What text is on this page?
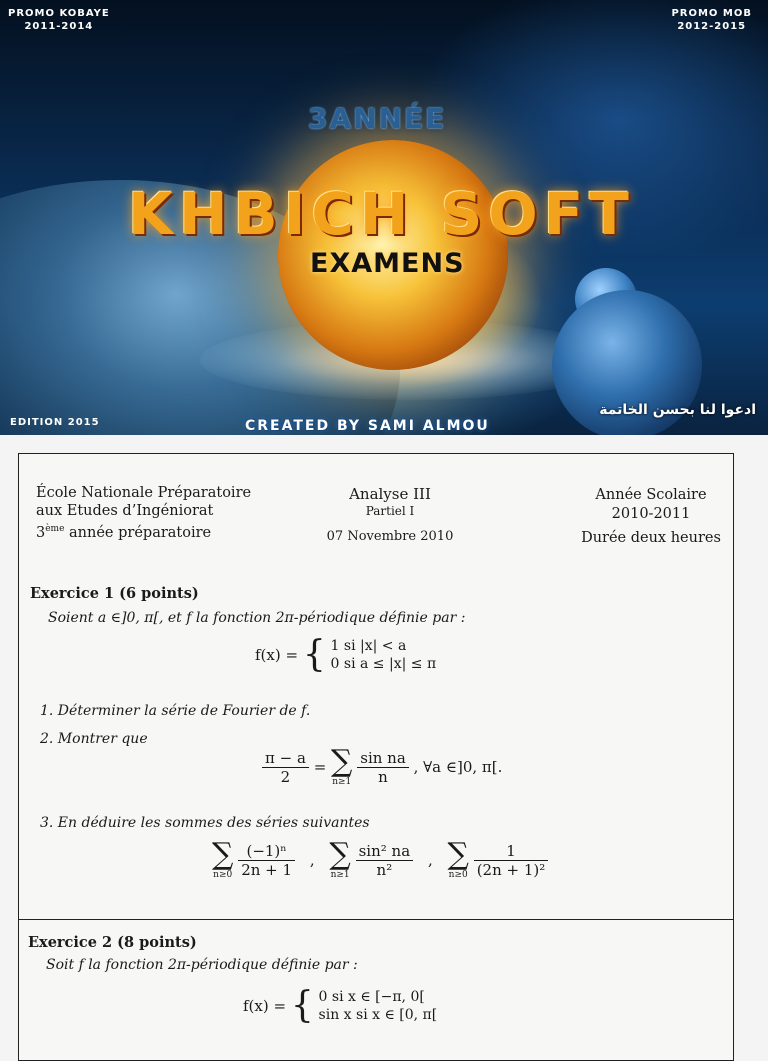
PROMO KOBAYE
2011-2014
PROMO MOB
2012-2015
3ANNÉE
KHBICH SOFT
EXAMENS
EDITION 2015	CREATED BY SAMI ALMOU
ادعوا لنا بحسن الخاتمة
École Nationale Préparatoire
aux Etudes d’Ingéniorat
3ème année préparatoire
Analyse III
Partiel I
07 Novembre 2010
Année Scolaire
2010-2011
Durée deux heures
Exercice 1 (6 points)
Soient a ∈]0, π[, et f la fonction 2π-périodique définie par :
f(x) = { 1 si |x| < a
0 si a ≤ |x| ≤ π
1. Déterminer la série de Fourier de f.
2. Montrer que
$\frac{\pi - a}{2}$ = ∑
n≥1
$\frac{\text{sin na}}{n}$ , ∀a ∈]0, π[.
3. En déduire les sommes des séries suivantes
∑
n≥0
$\frac{\text{(−1)ⁿ}}{2n + 1}$ , ∑
n≥1
$\frac{\text{sin² na}}{\text{n²}}$ , ∑
n≥0
$\frac{1}{\text{(2n + 1)²}}$
Exercice 2 (8 points)
Soit f la fonction 2π-périodique définie par :
f(x) = { 0 si x ∈ [−π, 0[
sin x si x ∈ [0, π[
